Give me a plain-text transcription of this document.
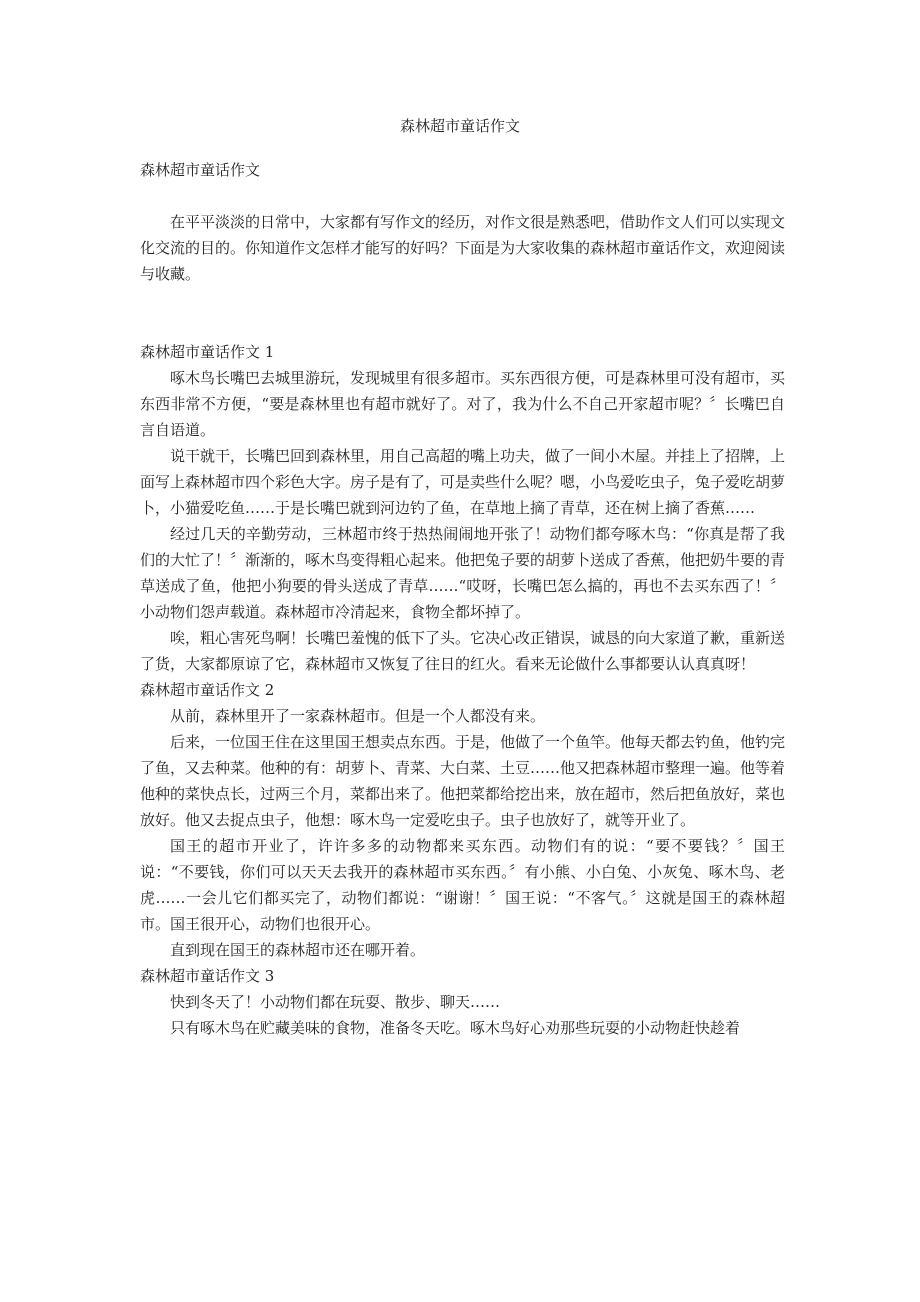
森林超市童话作文

森林超市童话作文

在平平淡淡的日常中，大家都有写作文的经历，对作文很是熟悉吧，借助作文人们可以实现文化交流的目的。你知道作文怎样才能写的好吗？下面是为大家收集的森林超市童话作文，欢迎阅读与收藏。

森林超市童话作文 1

啄木鸟长嘴巴去城里游玩，发现城里有很多超市。买东西很方便，可是森林里可没有超市，买东西非常不方便，“要是森林里也有超市就好了。对了，我为什么不自己开家超市呢？〞长嘴巴自言自语道。

说干就干，长嘴巴回到森林里，用自己高超的嘴上功夫，做了一间小木屋。并挂上了招牌，上面写上森林超市四个彩色大字。房子是有了，可是卖些什么呢？嗯，小鸟爱吃虫子，兔子爱吃胡萝卜，小猫爱吃鱼……于是长嘴巴就到河边钓了鱼，在草地上摘了青草，还在树上摘了香蕉……

经过几天的辛勤劳动，三林超市终于热热闹闹地开张了！动物们都夸啄木鸟：“你真是帮了我们的大忙了！〞渐渐的，啄木鸟变得粗心起来。他把兔子要的胡萝卜送成了香蕉，他把奶牛要的青草送成了鱼，他把小狗要的骨头送成了青草……“哎呀，长嘴巴怎么搞的，再也不去买东西了！〞小动物们怨声载道。森林超市冷清起来，食物全都坏掉了。

唉，粗心害死鸟啊！长嘴巴羞愧的低下了头。它决心改正错误，诚恳的向大家道了歉，重新送了货，大家都原谅了它，森林超市又恢复了往日的红火。看来无论做什么事都要认认真真呀！

森林超市童话作文 2

从前，森林里开了一家森林超市。但是一个人都没有来。

后来，一位国王住在这里国王想卖点东西。于是，他做了一个鱼竿。他每天都去钓鱼，他钓完了鱼，又去种菜。他种的有：胡萝卜、青菜、大白菜、土豆……他又把森林超市整理一遍。他等着他种的菜快点长，过两三个月，菜都出来了。他把菜都给挖出来，放在超市，然后把鱼放好，菜也放好。他又去捉点虫子，他想：啄木鸟一定爱吃虫子。虫子也放好了，就等开业了。

国王的超市开业了，许许多多的动物都来买东西。动物们有的说：“要不要钱？〞国王说：“不要钱，你们可以天天去我开的森林超市买东西。〞有小熊、小白兔、小灰兔、啄木鸟、老虎……一会儿它们都买完了，动物们都说：“谢谢！〞国王说：“不客气。〞这就是国王的森林超市。国王很开心，动物们也很开心。

直到现在国王的森林超市还在哪开着。

森林超市童话作文 3

快到冬天了！小动物们都在玩耍、散步、聊天……

只有啄木鸟在贮藏美味的食物，准备冬天吃。啄木鸟好心劝那些玩耍的小动物赶快趁着
